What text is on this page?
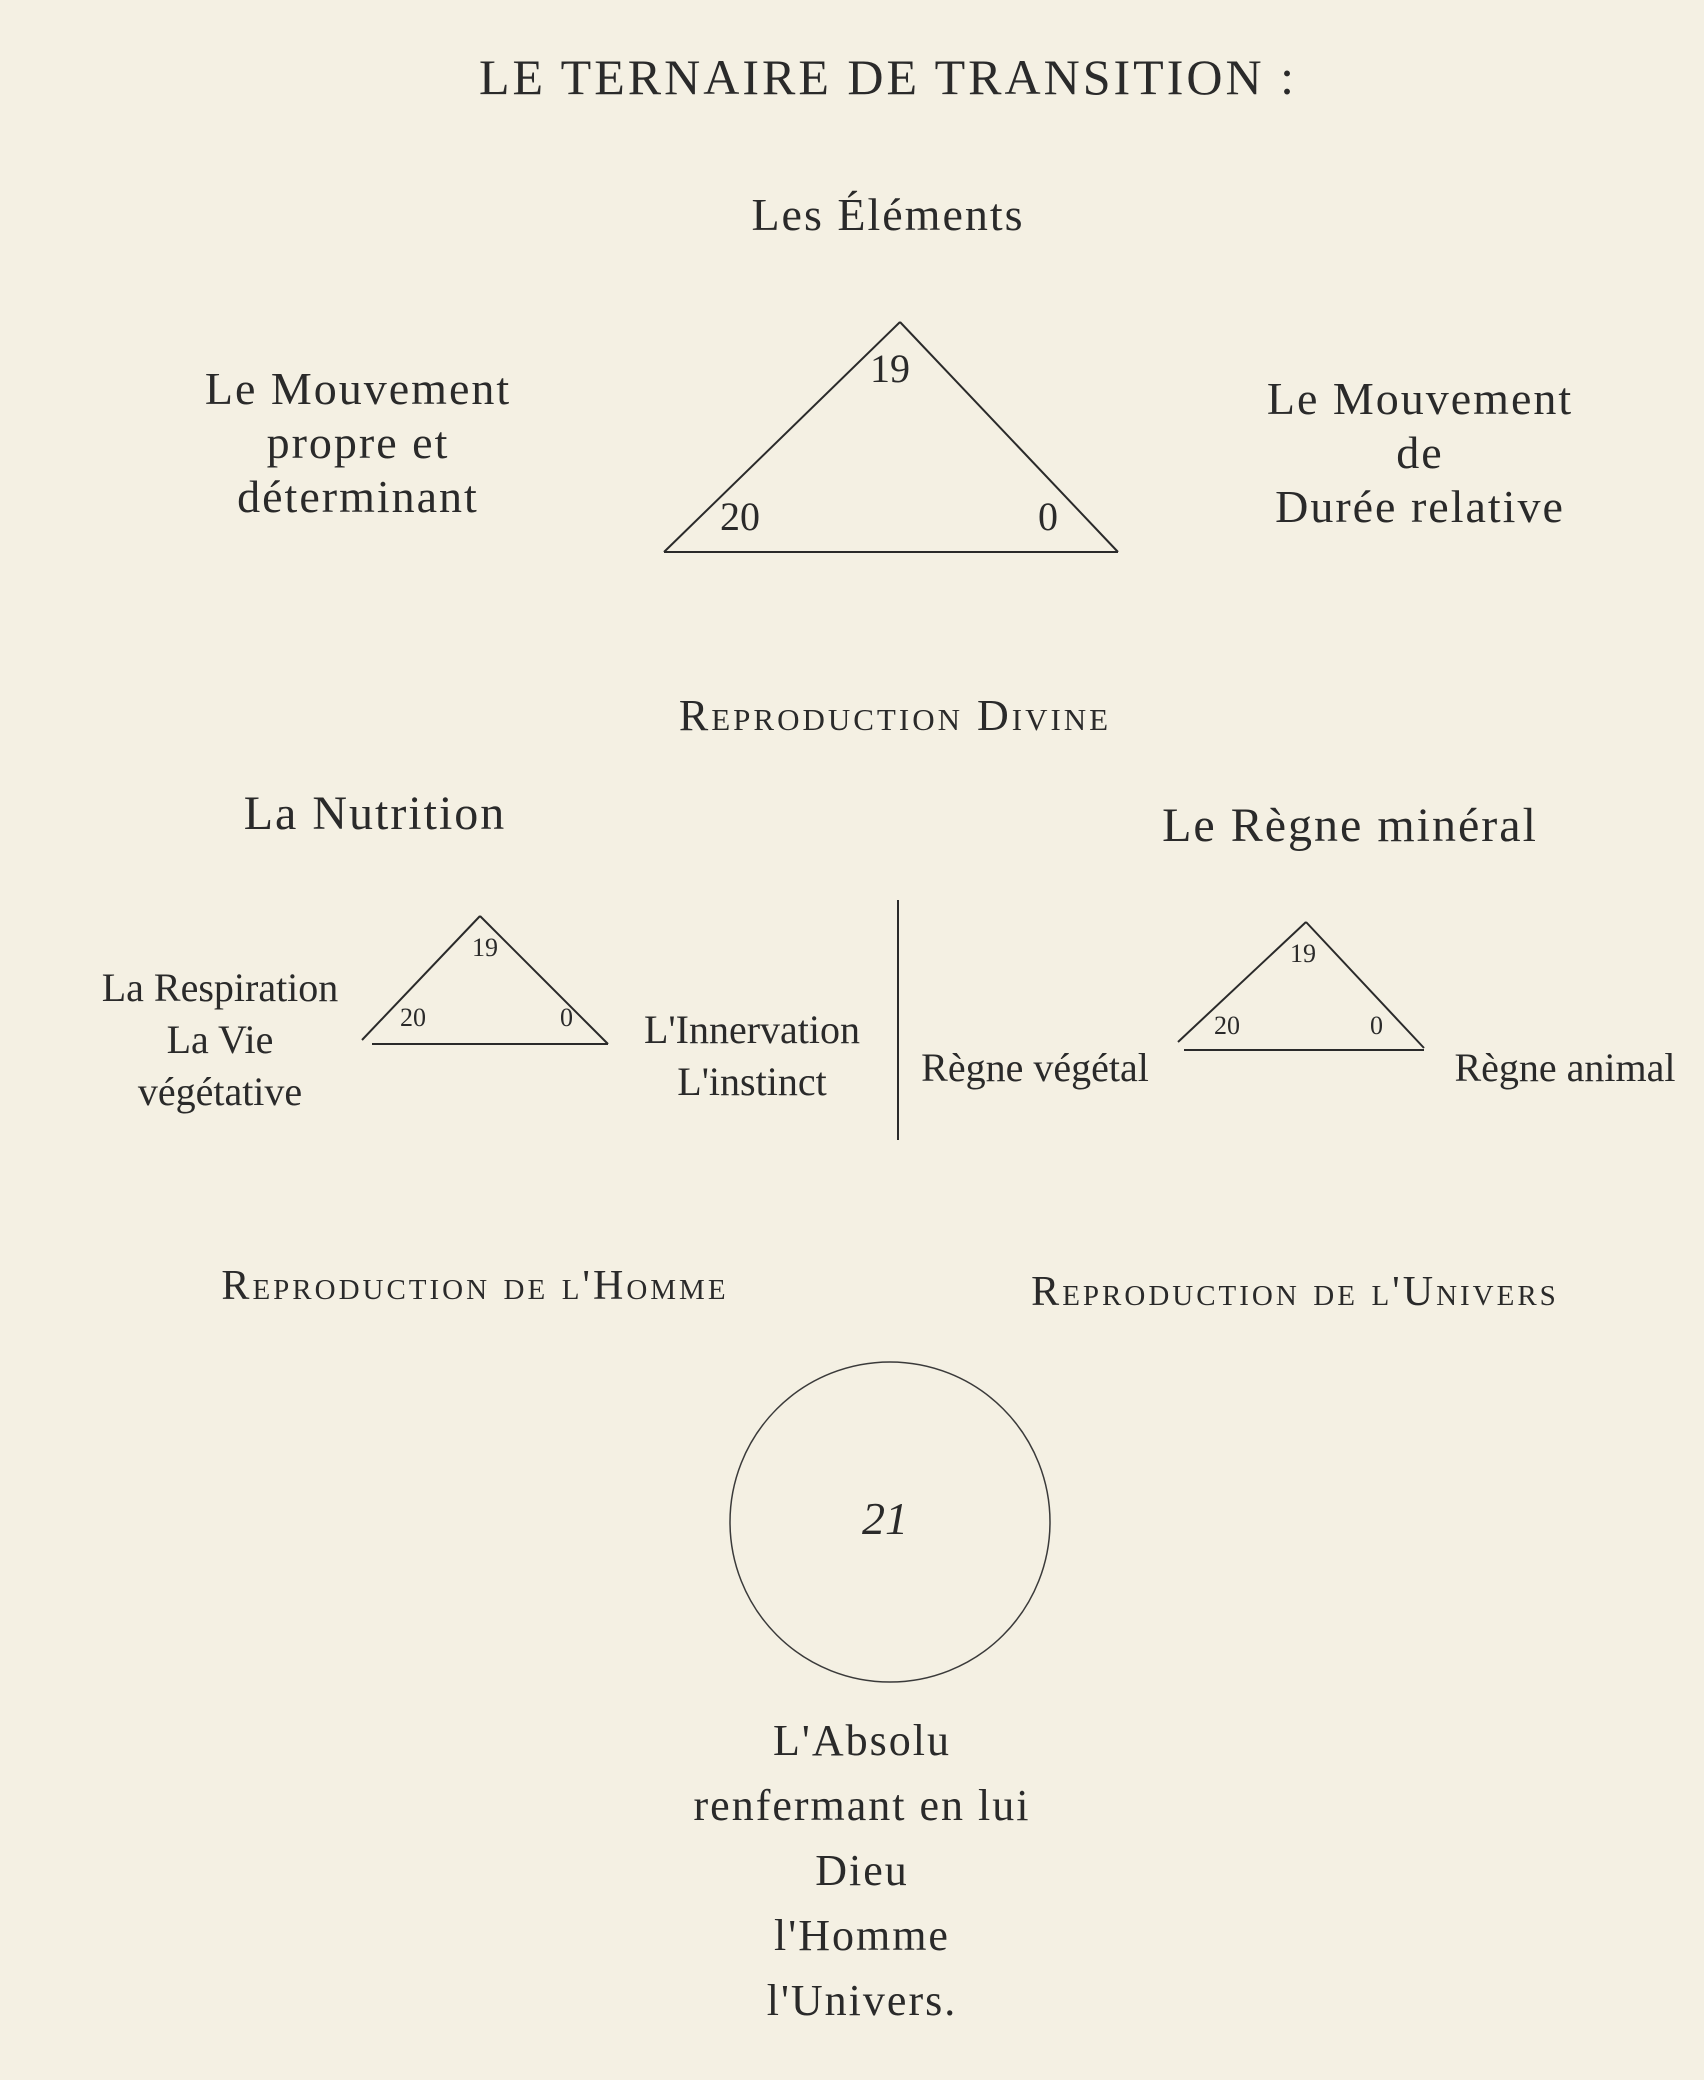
LE TERNAIRE DE TRANSITION :
Les Éléments
Le Mouvement
propre et
déterminant
Le Mouvement
de
Durée relative
Reproduction Divine
La Nutrition
La Respiration
La Vie
végétative
L'Innervation
L'instinct
Reproduction de l'Homme
Le Règne minéral
Règne végétal	Règne animal
Reproduction de l'Univers
L'Absolu
renfermant en lui
Dieu
l'Homme
l'Univers.
19
20	0
19
20	0
19
20	0
21
